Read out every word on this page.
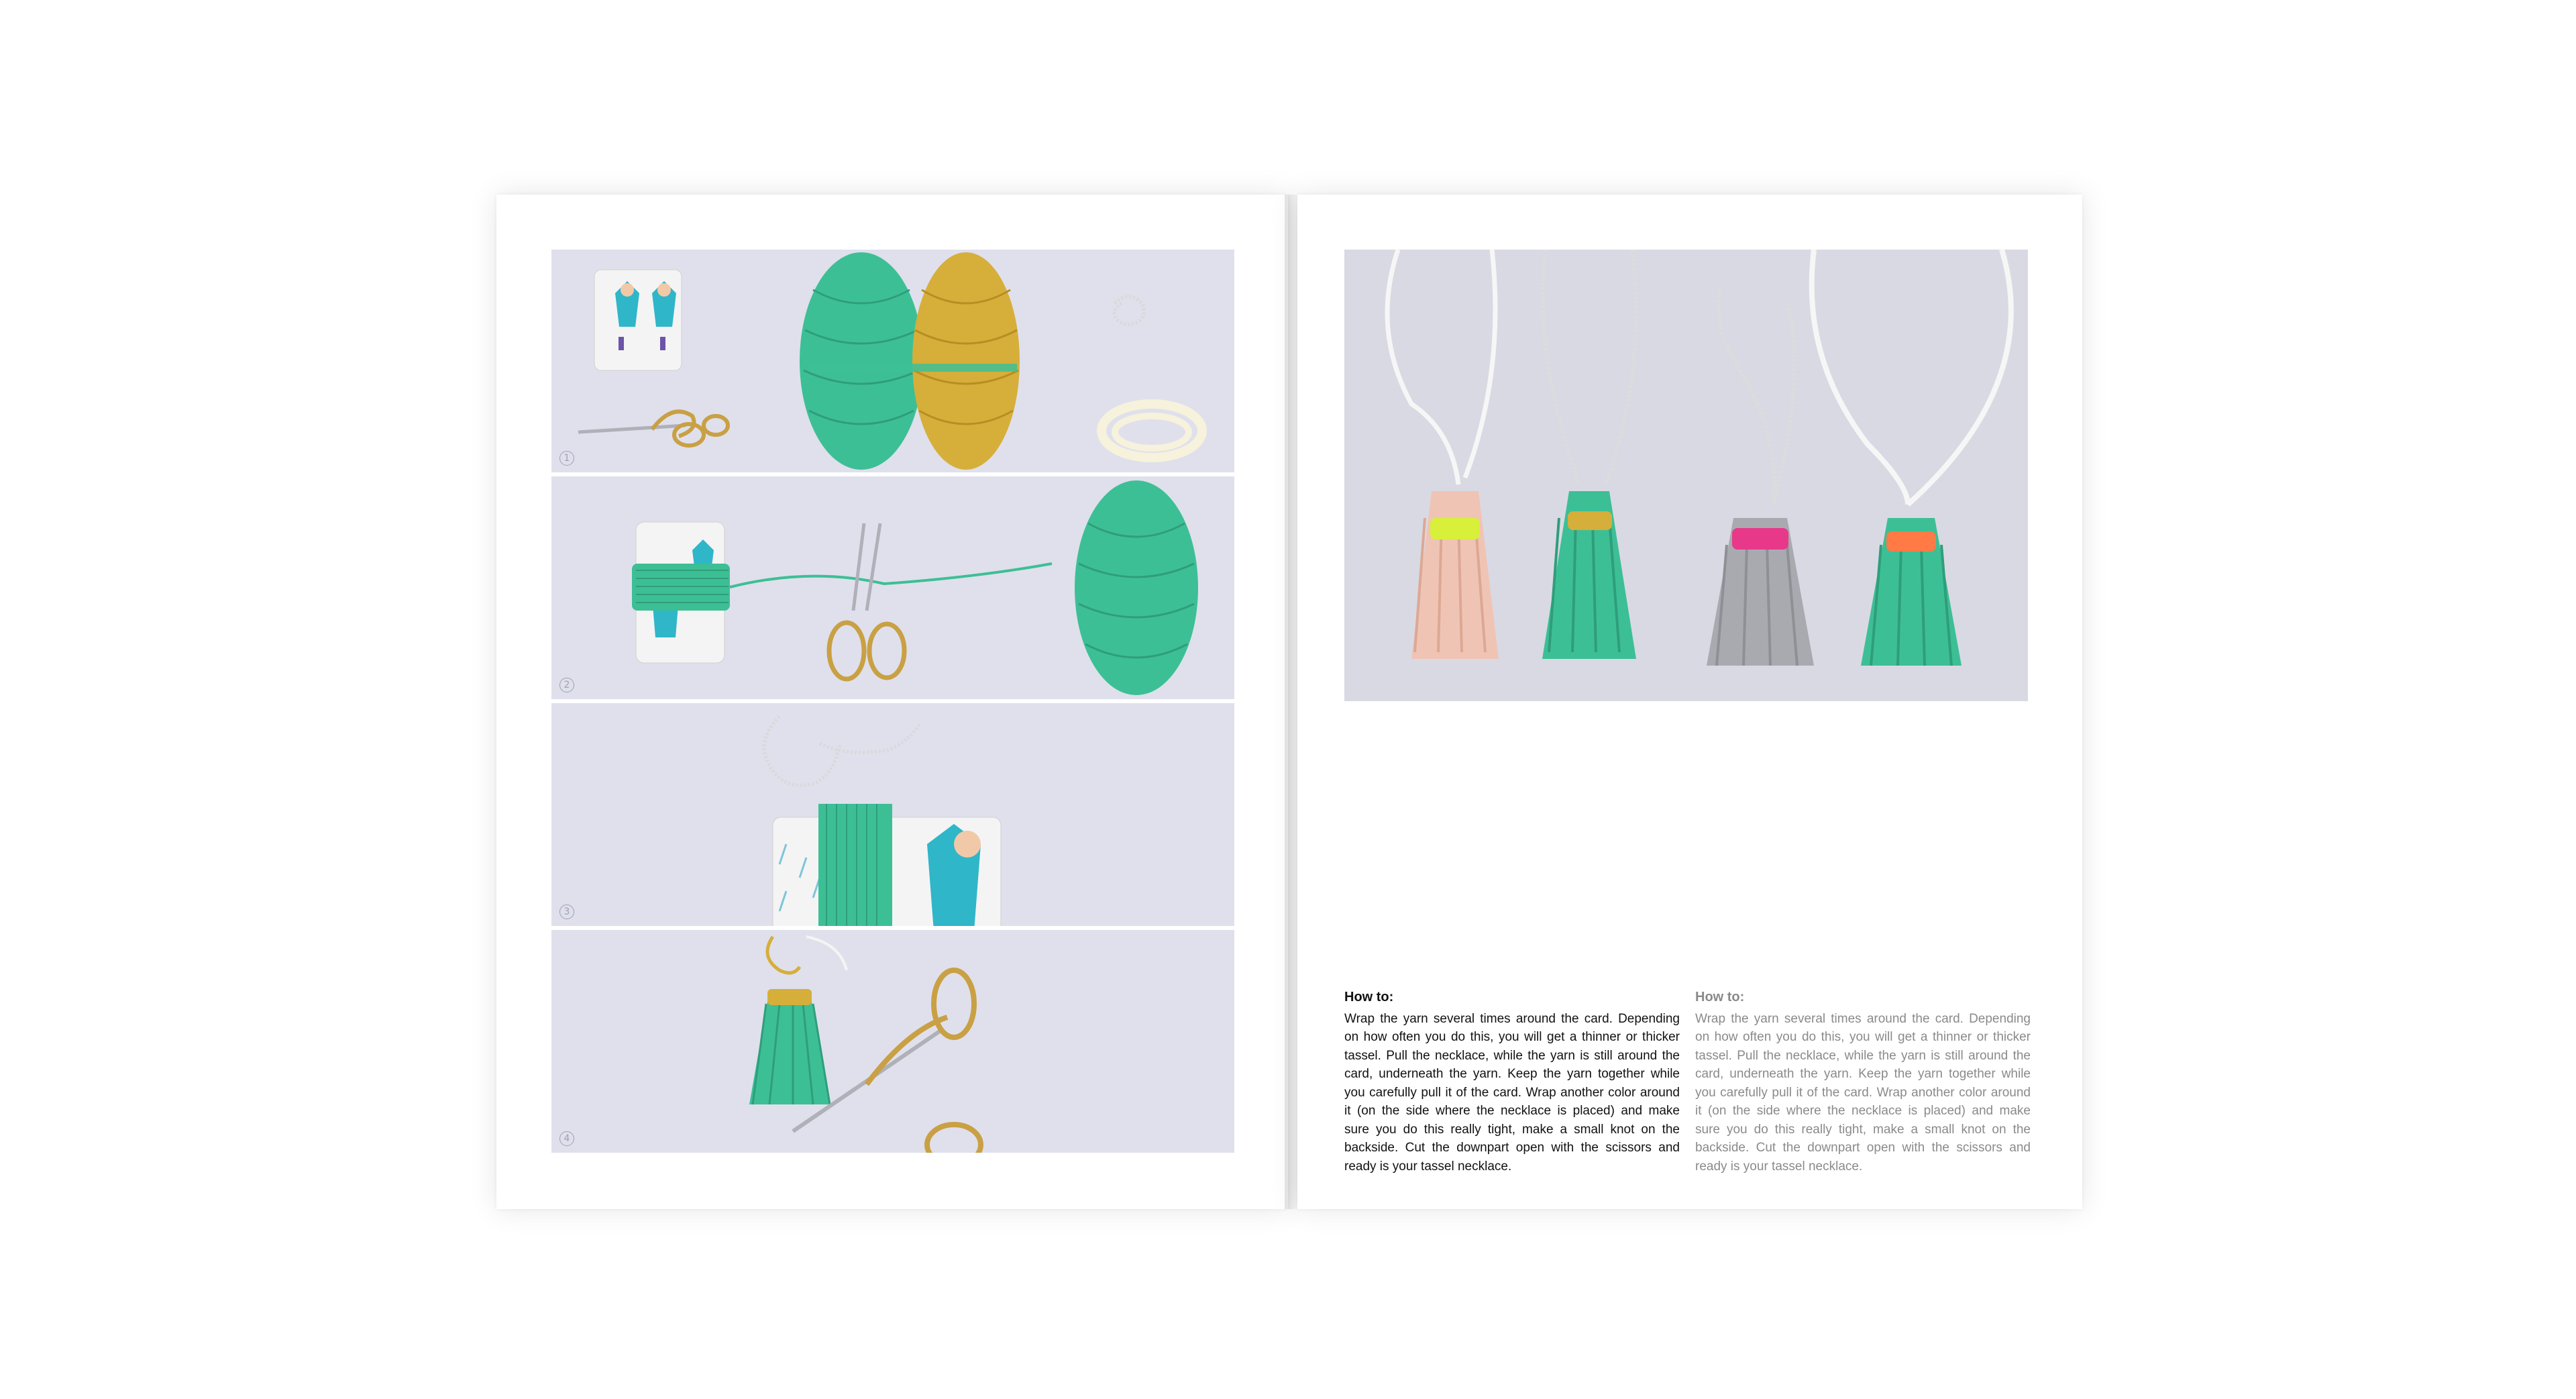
1
2
3
4
How to:

Wrap the yarn several times around the card. Depending on how often you do this, you will get a thinner or thicker tassel. Pull the necklace, while the yarn is still around the card, underneath the yarn. Keep the yarn together while you carefully pull it of the card. Wrap another color around it (on the side where the necklace is placed) and make sure you do this really tight, make a small knot on the backside. Cut the downpart open with the scissors and ready is your tassel necklace.

How to:

Wrap the yarn several times around the card. Depending on how often you do this, you will get a thinner or thicker tassel. Pull the necklace, while the yarn is still around the card, underneath the yarn. Keep the yarn together while you carefully pull it of the card. Wrap another color around it (on the side where the necklace is placed) and make sure you do this really tight, make a small knot on the backside. Cut the downpart open with the scissors and ready is your tassel necklace.
